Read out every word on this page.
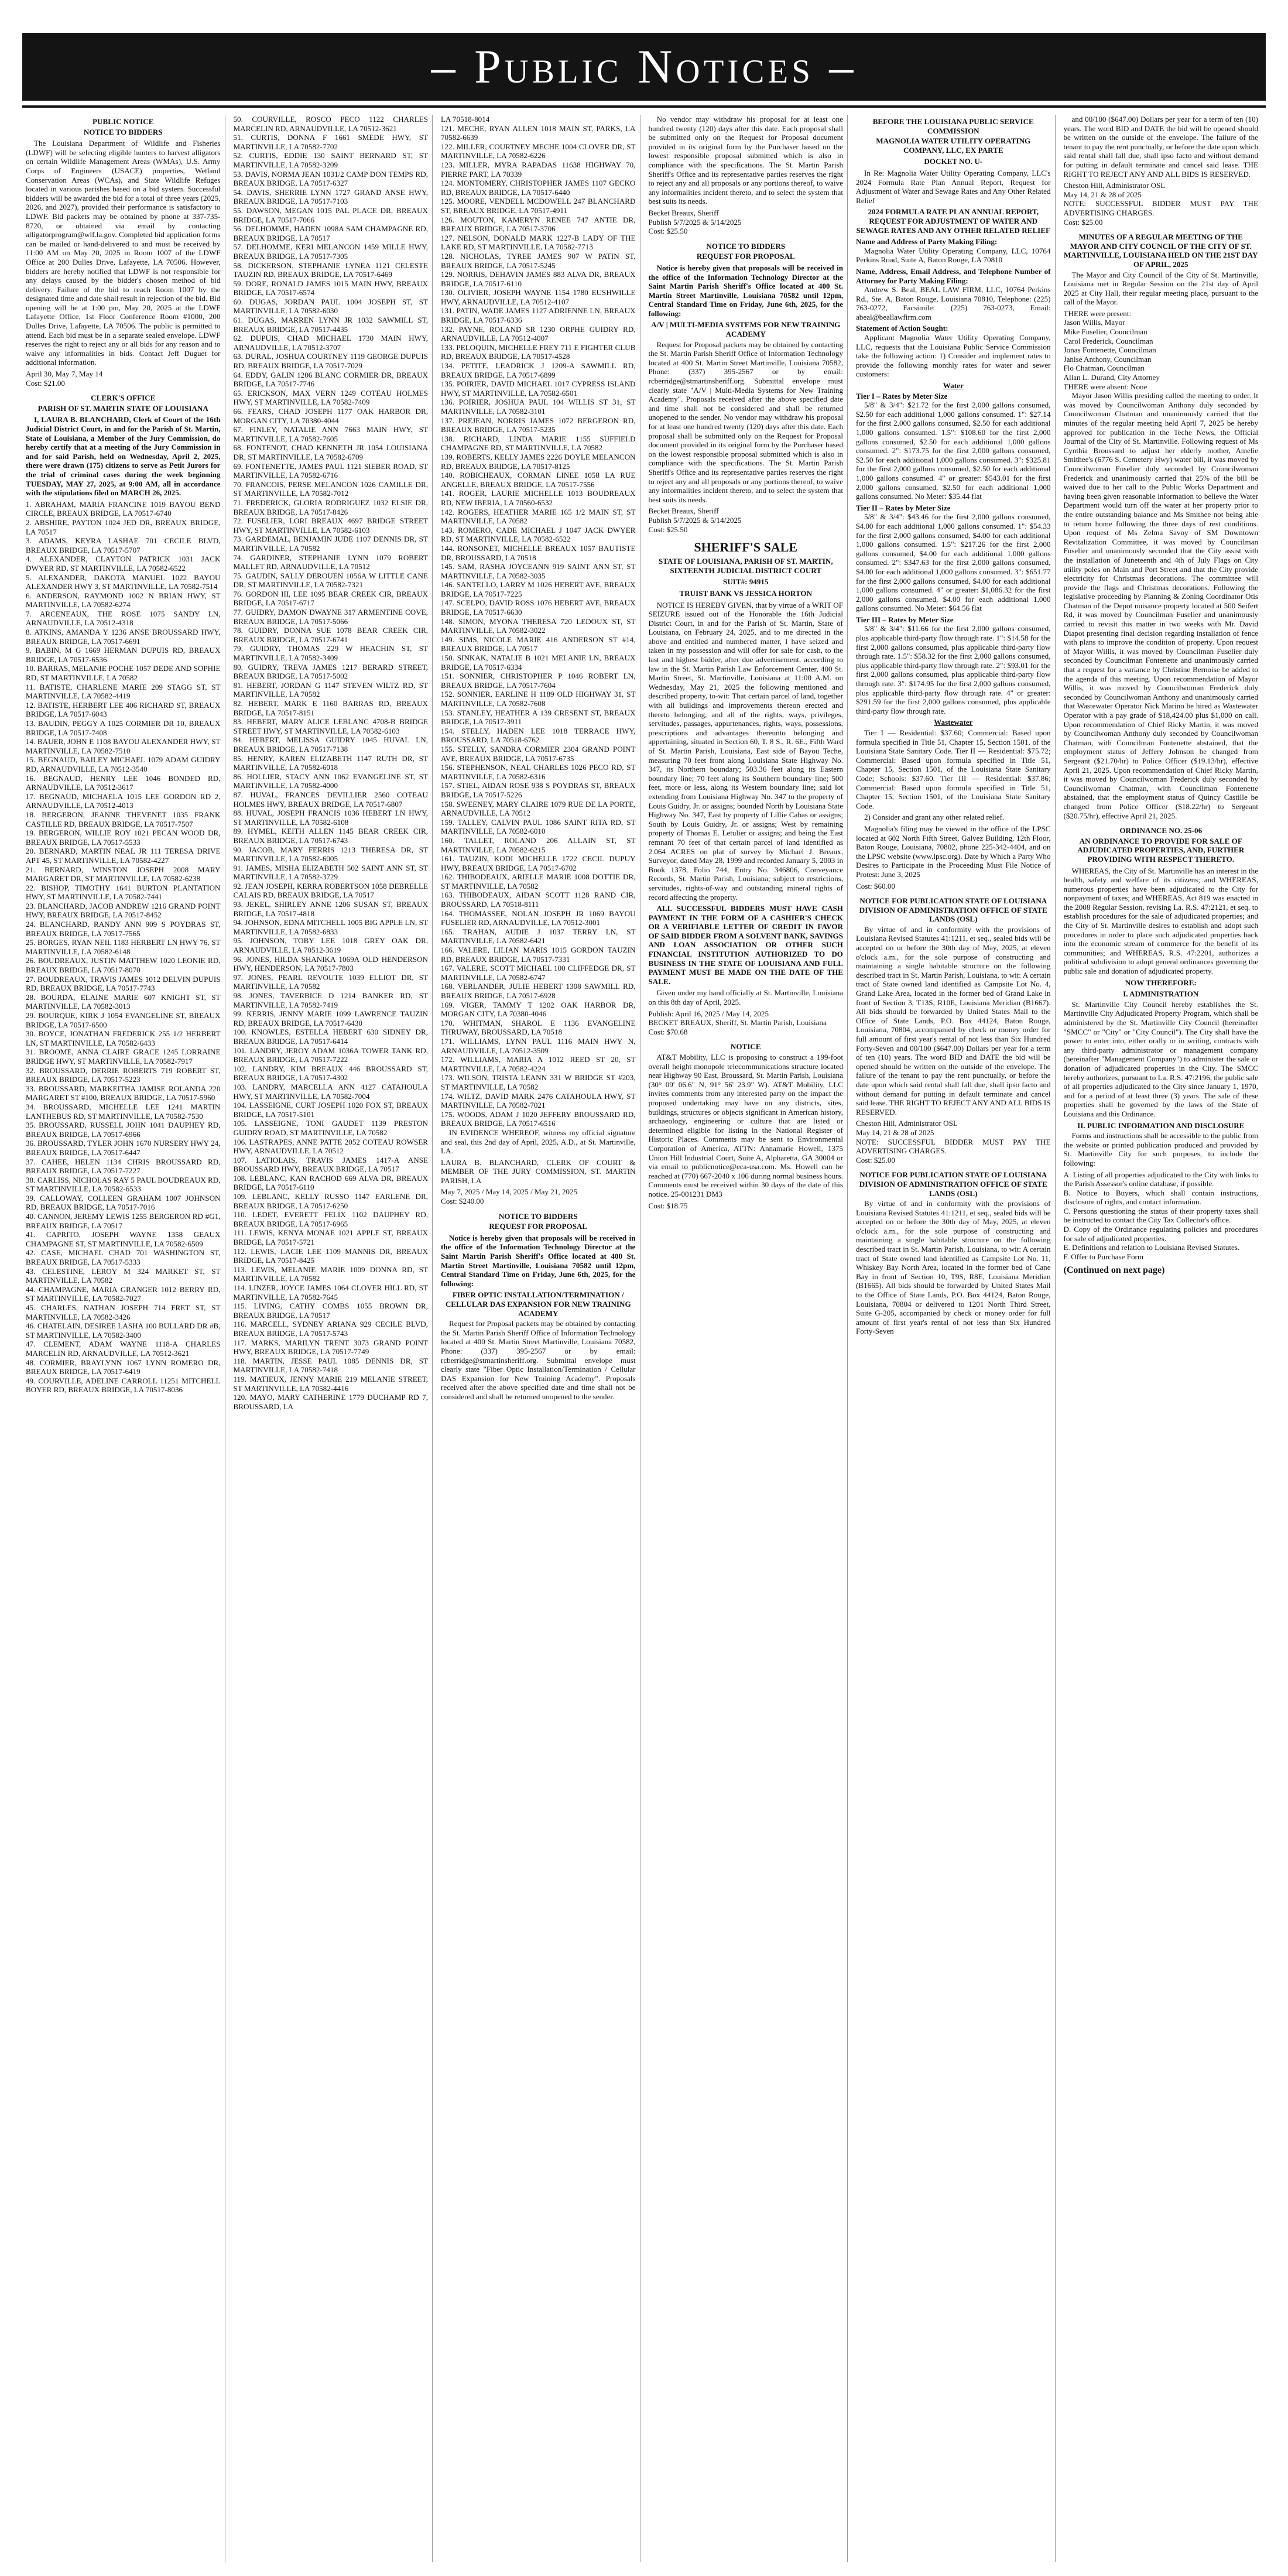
– Public Notices –
PUBLIC NOTICE
NOTICE TO BIDDERS

The Louisiana Department of Wildlife and Fisheries (LDWF) will be selecting eligible hunters to harvest alligators on certain Wildlife Management Areas (WMAs), U.S. Army Corps of Engineers (USACE) properties, Wetland Conservation Areas (WCAs), and State Wildlife Refuges located in various parishes based on a bid system. Successful bidders will be awarded the bid for a total of three years (2025, 2026, and 2027), provided their performance is satisfactory to LDWF. Bid packets may be obtained by phone at 337-735-8720, or obtained via email by contacting alligatorprogram@wlf.la.gov. Completed bid application forms can be mailed or hand-delivered to and must be received by 11:00 AM on May 20, 2025 in Room 1007 of the LDWF Office at 200 Dulles Drive, Lafayette, LA 70506. However, bidders are hereby notified that LDWF is not responsible for any delays caused by the bidder's chosen method of bid delivery. Failure of the bid to reach Room 1007 by the designated time and date shall result in rejection of the bid. Bid opening will be at 1:00 pm, May 20, 2025 at the LDWF Lafayette Office, 1st Floor Conference Room #1000, 200 Dulles Drive, Lafayette, LA 70506. The public is permitted to attend. Each bid must be in a separate sealed envelope. LDWF reserves the right to reject any or all bids for any reason and to waive any informalities in bids. Contact Jeff Duguet for additional information.

April 30, May 7, May 14
Cost: $21.00
CLERK'S OFFICE
PARISH OF ST. MARTIN STATE OF LOUISIANA

I, LAURA B. BLANCHARD, Clerk of Court of the 16th Judicial District Court, in and for the Parish of St. Martin, State of Louisiana, a Member of the Jury Commission, do hereby certify that at a meeting of the Jury Commission in and for said Parish, held on Wednesday, April 2, 2025, there were drawn (175) citizens to serve as Petit Jurors for the trial of criminal cases during the week beginning TUESDAY, MAY 27, 2025, at 9:00 AM, all in accordance with the stipulations filed on MARCH 26, 2025.

1. ABRAHAM, MARIA FRANCINE 1019 BAYOU BEND CIRCLE, BREAUX BRIDGE, LA 70517-6740
2. ABSHIRE, PAYTON 1024 JED DR, BREAUX BRIDGE, LA 70517
3. ADAMS, KEYRA LASHAE 701 CECILE BLVD, BREAUX BRIDGE, LA 70517-5707
4. ALEXANDER, CLAYTON PATRICK 1031 JACK DWYER RD, ST MARTINVILLE, LA 70582-6522
5. ALEXANDER, DAKOTA MANUEL 1022 BAYOU ALEXANDER HWY 3, ST MARTINVILLE, LA 70582-7514
6. ANDERSON, RAYMOND 1002 N BRIAN HWY, ST MARTINVILLE, LA 70582-6274
7. ARCENEAUX, THE ROSE 1075 SANDY LN, ARNAUDVILLE, LA 70512-4318
8. ATKINS, AMANDA Y 1236 ANSE BROUSSARD HWY, BREAUX BRIDGE, LA 70517-6691
9. BABIN, M G 1669 HERMAN DUPUIS RD, BREAUX BRIDGE, LA 70517-6536
10. BARRAS, MELANIE POCHE 1057 DEDE AND SOPHIE RD, ST MARTINVILLE, LA 70582
11. BATISTE, CHARLENE MARIE 209 STAGG ST, ST MARTINVILLE, LA 70582-4419
12. BATISTE, HERBERT LEE 406 RICHARD ST, BREAUX BRIDGE, LA 70517-6043
13. BAUDIN, PEGGY A 1025 CORMIER DR 10, BREAUX BRIDGE, LA 70517-7408
14. BAUER, JOHN E 1108 BAYOU ALEXANDER HWY, ST MARTINVILLE, LA 70582-7510
15. BEGNAUD, BAILEY MICHAEL 1079 ADAM GUIDRY RD, ARNAUDVILLE, LA 70512-3540
16. BEGNAUD, HENRY LEE 1046 BONDED RD, ARNAUDVILLE, LA 70512-3617
17. BEGNAUD, MICHAELA 1015 LEE GORDON RD 2, ARNAUDVILLE, LA 70512-4013
18. BERGERON, JEANNE THEVENET 1035 FRANK CASTILLE RD, BREAUX BRIDGE, LA 70517-7507
19. BERGERON, WILLIE ROY 1021 PECAN WOOD DR, BREAUX BRIDGE, LA 70517-5533
20. BERNARD, MARTIN NEAL JR 111 TERESA DRIVE APT 45, ST MARTINVILLE, LA 70582-4227
21. BERNARD, WINSTON JOSEPH 2008 MARY MARGARET DR, ST MARTINVILLE, LA 70582-6238
22. BISHOP, TIMOTHY 1641 BURTON PLANTATION HWY, ST MARTINVILLE, LA 70582-7441
23. BLANCHARD, JACOB ANDREW 1216 GRAND POINT HWY, BREAUX BRIDGE, LA 70517-8452
24. BLANCHARD, RANDY ANN 909 S POYDRAS ST, BREAUX BRIDGE, LA 70517-7565
25. BORGES, RYAN NEIL 1183 HERBERT LN HWY 76, ST MARTINVILLE, LA 70582-6148
26. BOUDREAUX, JUSTIN MATTHEW 1020 LEONIE RD, BREAUX BRIDGE, LA 70517-8070
27. BOUDREAUX, TRAVIS JAMES 1012 DELVIN DUPUIS RD, BREAUX BRIDGE, LA 70517-7743
28. BOURDA, ELAINE MARIE 607 KNIGHT ST, ST MARTINVILLE, LA 70582-3013
29. BOURQUE, KIRK J 1054 EVANGELINE ST, BREAUX BRIDGE, LA 70517-6500
30. BOYCE, JONATHAN FREDERICK 255 1/2 HERBERT LN, ST MARTINVILLE, LA 70582-6433
31. BROOME, ANNA CLAIRE GRACE 1245 LORRAINE BRIDGE HWY, ST MARTINVILLE, LA 70582-7917
32. BROUSSARD, DERRIE ROBERTS 719 ROBERT ST, BREAUX BRIDGE, LA 70517-5223
33. BROUSSARD, MARKEITHA JAMISE ROLANDA 220 MARGARET ST #100, BREAUX BRIDGE, LA 70517-5960
34. BROUSSARD, MICHELLE LEE 1241 MARTIN LANTHEBUS RD, ST MARTINVILLE, LA 70582-7530
35. BROUSSARD, RUSSELL JOHN 1041 DAUPHEY RD, BREAUX BRIDGE, LA 70517-6966
36. BROUSSARD, TYLER JOHN 1670 NURSERY HWY 24, BREAUX BRIDGE, LA 70517-6447
37. CAHEE, HELEN 1134 CHRIS BROUSSARD RD, BREAUX BRIDGE, LA 70517-7227
38. CARLISS, NICHOLAS RAY 5 PAUL BOUDREAUX RD, ST MARTINVILLE, LA 70582-6533
39. CALLOWAY, COLLEEN GRAHAM 1007 JOHNSON RD, BREAUX BRIDGE, LA 70517-7016
40. CANNON, JEREMY LEWIS 1255 BERGERON RD #G1, BREAUX BRIDGE, LA 70517
41. CAPRITO, JOSEPH WAYNE 1358 GEAUX CHAMPAGNE ST, ST MARTINVILLE, LA 70582-6509
42. CASE, MICHAEL CHAD 701 WASHINGTON ST, BREAUX BRIDGE, LA 70517-5333
43. CELESTINE, LEROY M 324 MARKET ST, ST MARTINVILLE, LA 70582
44. CHAMPAGNE, MARIA GRANGER 1012 BERRY RD, ST MARTINVILLE, LA 70582-7027
45. CHARLES, NATHAN JOSEPH 714 FRET ST, ST MARTINVILLE, LA 70582-3426
46. CHATELAIN, DESIREE LASHA 100 BULLARD DR #B, ST MARTINVILLE, LA 70582-3400
47. CLEMENT, ADAM WAYNE 1118-A CHARLES MARCELIN RD, ARNAUDVILLE, LA 70512-3621
48. CORMIER, BRAYLYNN 1067 LYNN ROMERO DR, BREAUX BRIDGE, LA 70517-6419
49. COURVILLE, ADELINE CARROLL 11251 MITCHELL BOYER RD, BREAUX BRIDGE, LA 70517-8036
50. COURVILLE, ROSCO PECO 1122 CHARLES MARCELIN RD, ARNAUDVILLE, LA 70512-3621
51. CURTIS, DONNA F 1661 SMEDE HWY, ST MARTINVILLE, LA 70582-7702
52. CURTIS, EDDIE 130 SAINT BERNARD ST, ST MARTINVILLE, LA 70582-3209
53. DAVIS, NORMA JEAN 1031/2 CAMP DON TEMPS RD, BREAUX BRIDGE, LA 70517-6327
54. DAVIS, SHERRIE LYNN 1727 GRAND ANSE HWY, BREAUX BRIDGE, LA 70517-7103
55. DAWSON, MEGAN 1015 PAL PLACE DR, BREAUX BRIDGE, LA 70517-7066
56. DELHOMME, HADEN 1098A SAM CHAMPAGNE RD, BREAUX BRIDGE, LA 70517
57. DELHOMME, KERI MELANCON 1459 MILLE HWY, BREAUX BRIDGE, LA 70517-7305
58. DICKERSON, STEPHANIE LYNEA 1121 CELESTE TAUZIN RD, BREAUX BRIDGE, LA 70517-6469
59. DORE, RONALD JAMES 1015 MAIN HWY, BREAUX BRIDGE, LA 70517-6574
60. DUGAS, JORDAN PAUL 1004 JOSEPH ST, ST MARTINVILLE, LA 70582-6030
61. DUGAS, MARREN LYNN JR 1032 SAWMILL ST, BREAUX BRIDGE, LA 70517-4435
62. DUPUIS, CHAD MICHAEL 1730 MAIN HWY, ARNAUDVILLE, LA 70512-3707
63. DURAL, JOSHUA COURTNEY 1119 GEORGE DUPUIS RD, BREAUX BRIDGE, LA 70517-7029
64. EDDY, GALIN 1206 BLANC CORMIER DR, BREAUX BRIDGE, LA 70517-7746
65. ERICKSON, MAX VERN 1249 COTEAU HOLMES HWY, ST MARTINVILLE, LA 70582-7409
66. FEARS, CHAD JOSEPH 1177 OAK HARBOR DR, MORGAN CITY, LA 70380-4044
67. FINLEY, NATALIE ANN 7663 MAIN HWY, ST MARTINVILLE, LA 70582-7605
68. FONTENOT, CHAD KENNETH JR 1054 LOUISIANA DR, ST MARTINVILLE, LA 70582-6709
69. FONTENETTE, JAMES PAUL 1121 SIEBER ROAD, ST MARTINVILLE, LA 70582-6716
70. FRANCOIS, PERSE MELANCON 1026 CAMILLE DR, ST MARTINVILLE, LA 70582-7012
71. FREDERICK, GLORIA RODRIGUEZ 1032 ELSIE DR, BREAUX BRIDGE, LA 70517-8426
72. FUSELIER, LORI BREAUX 4697 BRIDGE STREET HWY, ST MARTINVILLE, LA 70582-6103
73. GARDEMAL, BENJAMIN JUDE 1107 DENNIS DR, ST MARTINVILLE, LA 70582
74. GARDINER, STEPHANIE LYNN 1079 ROBERT MALLET RD, ARNAUDVILLE, LA 70512
75. GAUDIN, SALLY DEROUEN 1056A W LITTLE CANE DR, ST MARTINVILLE, LA 70582-7321
76. GORDON III, LEE 1095 BEAR CREEK CIR, BREAUX BRIDGE, LA 70517-6717
77. GUIDRY, DAMON DWAYNE 317 ARMENTINE COVE, BREAUX BRIDGE, LA 70517-5066
78. GUIDRY, DONNA SUE 1078 BEAR CREEK CIR, BREAUX BRIDGE, LA 70517-6741
79. GUIDRY, THOMAS 229 W HEACHIN ST, ST MARTINVILLE, LA 70582-3409
80. GUIDRY, TREVA JAMES 1217 BERARD STREET, BREAUX BRIDGE, LA 70517-5002
81. HEBERT, JORDAN G 1147 STEVEN WILTZ RD, ST MARTINVILLE, LA 70582
82. HEBERT, MARK E 1160 BARRAS RD, BREAUX BRIDGE, LA 70517-8151
83. HEBERT, MARY ALICE LEBLANC 4708-B BRIDGE STREET HWY, ST MARTINVILLE, LA 70582-6103
84. HEBERT, MELISSA GUIDRY 1045 HUVAL LN, BREAUX BRIDGE, LA 70517-7138
85. HENRY, KAREN ELIZABETH 1147 RUTH DR, ST MARTINVILLE, LA 70582-6018
86. HOLLIER, STACY ANN 1062 EVANGELINE ST, ST MARTINVILLE, LA 70582-4000
87. HUVAL, FRANCES DEVILLIER 2560 COTEAU HOLMES HWY, BREAUX BRIDGE, LA 70517-6807
88. HUVAL, JOSEPH FRANCIS 1036 HEBERT LN HWY, ST MARTINVILLE, LA 70582-6108
89. HYMEL, KEITH ALLEN 1145 BEAR CREEK CIR, BREAUX BRIDGE, LA 70517-6743
90. JACOB, MARY FERRIS 1213 THERESA DR, ST MARTINVILLE, LA 70582-6005
91. JAMES, MISHA ELIZABETH 502 SAINT ANN ST, ST MARTINVILLE, LA 70582-3729
92. JEAN JOSEPH, KERRA ROBERTSON 1058 DEBRELLE CALAIS RD, BREAUX BRIDGE, LA 70517
93. JEKEL, SHIRLEY ANNE 1206 SUSAN ST, BREAUX BRIDGE, LA 70517-4818
94. JOHNSON, EDNA MITCHELL 1005 BIG APPLE LN, ST MARTINVILLE, LA 70582-6833
95. JOHNSON, TOBY LEE 1018 GREY OAK DR, ARNAUDVILLE, LA 70512-3619
96. JONES, HILDA SHANIKA 1069A OLD HENDERSON HWY, HENDERSON, LA 70517-7803
97. JONES, PEARL REVOUTE 1039 ELLIOT DR, ST MARTINVILLE, LA 70582
98. JONES, TAVERBICE D 1214 BANKER RD, ST MARTINVILLE, LA 70582-7419
99. KERRIS, JENNY MARIE 1099 LAWRENCE TAUZIN RD, BREAUX BRIDGE, LA 70517-6430
100. KNOWLES, ESTELLA HEBERT 630 SIDNEY DR, BREAUX BRIDGE, LA 70517-6414
101. LANDRY, JEROY ADAM 1036A TOWER TANK RD, BREAUX BRIDGE, LA 70517-7222
102. LANDRY, KIM BREAUX 446 BROUSSARD ST, BREAUX BRIDGE, LA 70517-4302
103. LANDRY, MARCELLA ANN 4127 CATAHOULA HWY, ST MARTINVILLE, LA 70582-7004
104. LASSEIGNE, CURT JOSEPH 1020 FOX ST, BREAUX BRIDGE, LA 70517-5101
105. LASSEIGNE, TONI GAUDET 1139 PRESTON GUIDRY ROAD, ST MARTINVILLE, LA 70582
106. LASTRAPES, ANNE PATTE 2052 COTEAU ROWSER HWY, ARNAUDVILLE, LA 70512
107. LATIOLAIS, TRAVIS JAMES 1417-A ANSE BROUSSARD HWY, BREAUX BRIDGE, LA 70517
108. LEBLANC, KAN RACHOD 669 ALVA DR, BREAUX BRIDGE, LA 70517-6110
109. LEBLANC, KELLY RUSSO 1147 EARLENE DR, BREAUX BRIDGE, LA 70517-6250
110. LEDET, EVERETT FELIX 1102 DAUPHEY RD, BREAUX BRIDGE, LA 70517-6965
111. LEWIS, KENYA MONAE 1021 APPLE ST, BREAUX BRIDGE, LA 70517-5721
112. LEWIS, LACIE LEE 1109 MANNIS DR, BREAUX BRIDGE, LA 70517-8425
113. LEWIS, MELANIE MARIE 1009 DONNA RD, ST MARTINVILLE, LA 70582
114. LINZER, JOYCE JAMES 1064 CLOVER HILL RD, ST MARTINVILLE, LA 70582-7645
115. LIVING, CATHY COMBS 1055 BROWN DR, BREAUX BRIDGE, LA 70517
116. MARCELL, SYDNEY ARIANA 929 CECILE BLVD, BREAUX BRIDGE, LA 70517-5743
117. MARKS, MARILYN TRENT 3073 GRAND POINT HWY, BREAUX BRIDGE, LA 70517-7749
118. MARTIN, JESSE PAUL 1085 DENNIS DR, ST MARTINVILLE, LA 70582-7418
119. MATIEUX, JENNY MARIE 219 MELANIE STREET, ST MARTINVILLE, LA 70582-4416
120. MAYO, MARY CATHERINE 1779 DUCHAMP RD 7, BROUSSARD, LA
LA 70518-8014
121. MECHE, RYAN ALLEN 1018 MAIN ST, PARKS, LA 70582-6639
122. MILLER, COURTNEY MECHE 1004 CLOVER DR, ST MARTINVILLE, LA 70582-6226
123. MILLER, MYRA RAPADAS 11638 HIGHWAY 70, PIERRE PART, LA 70339
124. MONTOMERY, CHRISTOPHER JAMES 1107 GECKO RD, BREAUX BRIDGE, LA 70517-6440
125. MOORE, VENDELL MCDOWELL 247 BLANCHARD ST, BREAUX BRIDGE, LA 70517-4911
126. MOUTON, KAMERYN RENEE 747 ANTIE DR, BREAUX BRIDGE, LA 70517-3706
127. NELSON, DONALD MARK 1227-B LADY OF THE LAKE RD, ST MARTINVILLE, LA 70582-7713
128. NICHOLAS, TYREE JAMES 907 W PATIN ST, BREAUX BRIDGE, LA 70517-5245
129. NORRIS, DEHAVIN JAMES 883 ALVA DR, BREAUX BRIDGE, LA 70517-6110
130. OLIVIER, JOSEPH WAYNE 1154 1780 EUSHWILLE HWY, ARNAUDVILLE, LA 70512-4107
131. PATIN, WADE JAMES 1127 ADRIENNE LN, BREAUX BRIDGE, LA 70517-6336
132. PAYNE, ROLAND SR 1230 ORPHE GUIDRY RD, ARNAUDVILLE, LA 70512-4007
133. PELOQUIN, MICHELLE FREY 711 E FIGHTER CLUB RD, BREAUX BRIDGE, LA 70517-4528
134. PETITE, LEADRICK J 1209-A SAWMILL RD, BREAUX BRIDGE, LA 70517-6899
135. POIRIER, DAVID MICHAEL 1017 CYPRESS ISLAND HWY, ST MARTINVILLE, LA 70582-6501
136. POIRIER, JOSHUA PAUL 104 WILLIS ST 31, ST MARTINVILLE, LA 70582-3101
137. PREJEAN, NORRIS JAMES 1072 BERGERON RD, BREAUX BRIDGE, LA 70517-5235
138. RICHARD, LINDA MARIE 1155 SUFFIELD CHAMPAGNE RD, ST MARTINVILLE, LA 70582
139. ROBERTS, KELLY JAMES 2226 DOYLE MELANCON RD, BREAUX BRIDGE, LA 70517-8125
140. ROBICHEAUX, CORMAN LINEE 1058 LA RUE ANGELLE, BREAUX BRIDGE, LA 70517-7556
141. ROGER, LAURIE MICHELLE 1013 BOUDREAUX RD, NEW IBERIA, LA 70560-6532
142. ROGERS, HEATHER MARIE 165 1/2 MAIN ST, ST MARTINVILLE, LA 70582
143. ROMERO, CADE MICHAEL J 1047 JACK DWYER RD, ST MARTINVILLE, LA 70582-6522
144. RONSONET, MICHELLE BREAUX 1057 BAUTISTE DR, BROUSSARD, LA 70518
145. SAM, RASHA JOYCEANN 919 SAINT ANN ST, ST MARTINVILLE, LA 70582-3035
146. SANTELLO, LARRY M 1026 HEBERT AVE, BREAUX BRIDGE, LA 70517-7225
147. SCELPO, DAVID ROSS 1076 HEBERT AVE, BREAUX BRIDGE, LA 70517-6630
148. SIMON, MYONA THERESA 720 LEDOUX ST, ST MARTINVILLE, LA 70582-3022
149. SIMS, NICOLE MARIE 416 ANDERSON ST #14, BREAUX BRIDGE, LA 70517
150. SINKAK, NATALIE B 1021 MELANIE LN, BREAUX BRIDGE, LA 70517-6334
151. SONNIER, CHRISTOPHER P 1046 ROBERT LN, BREAUX BRIDGE, LA 70517-7604
152. SONNIER, EARLINE H 1189 OLD HIGHWAY 31, ST MARTINVILLE, LA 70582-7608
153. STANLEY, HEATHER A 139 CRESENT ST, BREAUX BRIDGE, LA 70517-3911
154. STELLY, HADEN LEE 1018 TERRACE HWY, BROUSSARD, LA 70518-6762
155. STELLY, SANDRA CORMIER 2304 GRAND POINT AVE, BREAUX BRIDGE, LA 70517-6735
156. STEPHENSON, NEAL CHARLES 1026 PECO RD, ST MARTINVILLE, LA 70582-6316
157. STIEL, AIDAN ROSE 938 S POYDRAS ST, BREAUX BRIDGE, LA 70517-5226
158. SWEENEY, MARY CLAIRE 1079 RUE DE LA PORTE, ARNAUDVILLE, LA 70512
159. TALLEY, CALVIN PAUL 1086 SAINT RITA RD, ST MARTINVILLE, LA 70582-6010
160. TALLET, ROLAND 206 ALLAIN ST, ST MARTINVILLE, LA 70582-6215
161. TAUZIN, KODI MICHELLE 1722 CECIL DUPUY HWY, BREAUX BRIDGE, LA 70517-6702
162. THIBODEAUX, ARIELLE MARIE 1008 DOTTIE DR, ST MARTINVILLE, LA 70582
163. THIBODEAUX, AIDAN SCOTT 1128 RAND CIR, BROUSSARD, LA 70518-8111
164. THOMASSEE, NOLAN JOSEPH JR 1069 BAYOU FUSELIER RD, ARNAUDVILLE, LA 70512-3001
165. TRAHAN, AUDIE J 1037 TERRY LN, ST MARTINVILLE, LA 70582-6421
166. VALERE, LILIAN MARIS 1015 GORDON TAUZIN RD, BREAUX BRIDGE, LA 70517-7331
167. VALERE, SCOTT MICHAEL 100 CLIFFEDGE DR, ST MARTINVILLE, LA 70582-6747
168. VERLANDER, JULIE HEBERT 1308 SAWMILL RD, BREAUX BRIDGE, LA 70517-6928
169. VIGER, TAMMY T 1202 OAK HARBOR DR, MORGAN CITY, LA 70380-4046
170. WHITMAN, SHAROL E 1136 EVANGELINE THRUWAY, BROUSSARD, LA 70518
171. WILLIAMS, LYNN PAUL 1116 MAIN HWY N, ARNAUDVILLE, LA 70512-3509
172. WILLIAMS, MARIA A 1012 REED ST 20, ST MARTINVILLE, LA 70582-4224
173. WILSON, TRISTA LEANN 331 W BRIDGE ST #203, ST MARTINVILLE, LA 70582
174. WILTZ, DAVID MARK 2476 CATAHOULA HWY, ST MARTINVILLE, LA 70582-7021
175. WOODS, ADAM J 1020 JEFFERY BROUSSARD RD, BREAUX BRIDGE, LA 70517-6516

IN EVIDENCE WHEREOF, witness my official signature and seal, this 2nd day of April, 2025, A.D., at St. Martinville, LA.

LAURA B. BLANCHARD, CLERK OF COURT & MEMBER OF THE JURY COMMISSION, ST. MARTIN PARISH, LA
May 7, 2025 / May 14, 2025 / May 21, 2025
Cost: $240.00
NOTICE TO BIDDERS
REQUEST FOR PROPOSAL

Notice is hereby given that proposals will be received in the office of the Information Technology Director at the Saint Martin Parish Sheriff's Office located at 400 St. Martin Street Martinville, Louisiana 70582 until 12pm, Central Standard Time on Friday, June 6th, 2025, for the following:

FIBER OPTIC INSTALLATION/TERMINATION / CELLULAR DAS EXPANSION FOR NEW TRAINING ACADEMY

Request for Proposal packets may be obtained by contacting the St. Martin Parish Sheriff Office of Information Technology located at 400 St. Martin Street Martinville, Louisiana 70582, Phone: (337) 395-2567 or by email: rcberridge@stmartinsheriff.org. Submittal envelope must clearly state "Fiber Optic Installation/Termination / Cellular DAS Expansion for New Training Academy". Proposals received after the above specified date and time shall not be considered and shall be returned unopened to the sender.

No vendor may withdraw his proposal for at least one hundred twenty (120) days after this date. Each proposal shall be submitted only on the Request for Proposal document provided in its original form by the Purchaser based on the lowest responsible proposal submitted which is also in compliance with the specifications. The St. Martin Parish Sheriff's Office and its representative parties reserves the right to reject any and all proposals or any portions thereof, to waive any informalities incident thereto, and to select the system that best suits its needs.

Becket Breaux, Sheriff
Publish 5/7/2025 & 5/14/2025
Cost: $25.50
NOTICE TO BIDDERS
REQUEST FOR PROPOSAL

Notice is hereby given that proposals will be received in the office of the Information Technology Director at the Saint Martin Parish Sheriff's Office located at 400 St. Martin Street Martinville, Louisiana 70582 until 12pm, Central Standard Time on Friday, June 6th, 2025, for the following:

A/V | MULTI-MEDIA SYSTEMS FOR NEW TRAINING ACADEMY

Request for Proposal packets may be obtained by contacting the St. Martin Parish Sheriff Office of Information Technology located at 400 St. Martin Street Martinville, Louisiana 70582, Phone: (337) 395-2567 or by email: rcberridge@stmartinsheriff.org. Submittal envelope must clearly state "A/V | Multi-Media Systems for New Training Academy". Proposals received after the above specified date and time shall not be considered and shall be returned unopened to the sender. No vendor may withdraw his proposal for at least one hundred twenty (120) days after this date. Each proposal shall be submitted only on the Request for Proposal document provided in its original form by the Purchaser based on the lowest responsible proposal submitted which is also in compliance with the specifications. The St. Martin Parish Sheriff's Office and its representative parties reserves the right to reject any and all proposals or any portions thereof, to waive any informalities incident thereto, and to select the system that best suits its needs.

Becket Breaux, Sheriff
Publish 5/7/2025 & 5/14/2025
Cost: $25.50
SHERIFF'S SALE
STATE OF LOUISIANA, PARISH OF ST. MARTIN, SIXTEENTH JUDICIAL DISTRICT COURT
SUIT#: 94915
TRUIST BANK VS JESSICA HORTON

NOTICE IS HEREBY GIVEN, that by virtue of a WRIT OF SEIZURE issued out of the Honorable the 16th Judicial District Court, in and for the Parish of St. Martin, State of Louisiana, on February 24, 2025, and to me directed in the above and entitled and numbered matter, I have seized and taken in my possession and will offer for sale for cash, to the last and highest bidder, after due advertisement, according to law in the St. Martin Parish Law Enforcement Center, 400 St. Martin Street, St. Martinville, Louisiana at 11:00 A.M. on Wednesday, May 21, 2025 the following mentioned and described property, to-wit: That certain parcel of land, together with all buildings and improvements thereon erected and thereto belonging, and all of the rights, ways, privileges, servitudes, passages, appurtenances, rights, ways, possessions, prescriptions and advantages thereunto belonging and appertaining, situated in Section 60, T. 8 S., R. 6E., Fifth Ward of St. Martin Parish, Louisiana, East side of Bayou Teche, measuring 70 feet front along Louisiana State Highway No. 347, its Northern boundary; 503.36 feet along its Eastern boundary line; 70 feet along its Southern boundary line; 500 feet, more or less, along its Western boundary line; said lot extending from Louisiana Highway No. 347 to the property of Louis Guidry, Jr. or assigns; bounded North by Louisiana State Highway No. 347, East by property of Lillie Cabas or assigns; South by Louis Guidry, Jr. or assigns; West by remaining property of Thomas E. Letulier or assigns; and being the East remnant 70 feet of that certain parcel of land identified as 2.064 ACRES on plat of survey by Michael J. Breaux, Surveyor, dated May 28, 1999 and recorded January 5, 2003 in Book 1378, Folio 744, Entry No. 346806, Conveyance Records, St. Martin Parish, Louisiana; subject to restrictions, servitudes, rights-of-way and outstanding mineral rights of record affecting the property.

ALL SUCCESSFUL BIDDERS MUST HAVE CASH PAYMENT IN THE FORM OF A CASHIER'S CHECK OR A VERIFIABLE LETTER OF CREDIT IN FAVOR OF SAID BIDDER FROM A SOLVENT BANK, SAVINGS AND LOAN ASSOCIATION OR OTHER SUCH FINANCIAL INSTITUTION AUTHORIZED TO DO BUSINESS IN THE STATE OF LOUISIANA AND FULL PAYMENT MUST BE MADE ON THE DATE OF THE SALE.

Given under my hand officially at St. Martinville, Louisiana on this 8th day of April, 2025.

Publish: April 16, 2025 / May 14, 2025
BECKET BREAUX, Sheriff, St. Martin Parish, Louisiana
Cost: $70.68
NOTICE

AT&T Mobility, LLC is proposing to construct a 199-foot overall height monopole telecommunications structure located near Highway 90 East, Broussard, St. Martin Parish, Louisiana (30° 09' 06.6" N, 91° 56' 23.9" W). AT&T Mobility, LLC invites comments from any interested party on the impact the proposed undertaking may have on any districts, sites, buildings, structures or objects significant in American history, archaeology, engineering or culture that are listed or determined eligible for listing in the National Register of Historic Places. Comments may be sent to Environmental Corporation of America, ATTN: Annamarie Howell, 1375 Union Hill Industrial Court, Suite A, Alpharetta, GA 30004 or via email to publicnotice@eca-usa.com. Ms. Howell can be reached at (770) 667-2040 x 106 during normal business hours. Comments must be received within 30 days of the date of this notice. 25-001231 DM3

Cost: $18.75
BEFORE THE LOUISIANA PUBLIC SERVICE COMMISSION
MAGNOLIA WATER UTILITY OPERATING COMPANY, LLC, EX PARTE
DOCKET NO. U-

In Re: Magnolia Water Utility Operating Company, LLC's 2024 Formula Rate Plan Annual Report, Request for Adjustment of Water and Sewage Rates and Any Other Related Relief

2024 FORMULA RATE PLAN ANNUAL REPORT, REQUEST FOR ADJUSTMENT OF WATER AND SEWAGE RATES AND ANY OTHER RELATED RELIEF
Name and Address of Party Making Filing:

Magnolia Water Utility Operating Company, LLC, 10764 Perkins Road, Suite A, Baton Rouge, LA 70810

Name, Address, Email Address, and Telephone Number of Attorney for Party Making Filing:

Andrew S. Beal, BEAL LAW FIRM, LLC, 10764 Perkins Rd., Ste. A, Baton Rouge, Louisiana 70810, Telephone: (225) 763-0272, Facsimile: (225) 763-0273, Email: abeal@beallawfirm.com

Statement of Action Sought:

Applicant Magnolia Water Utility Operating Company, LLC, requests that the Louisiana Public Service Commission take the following action: 1) Consider and implement rates to provide the following monthly rates for water and sewer customers:

Water
Tier I – Rates by Meter Size

5/8" & 3/4": $21.72 for the first 2,000 gallons consumed, $2.50 for each additional 1,000 gallons consumed. 1": $27.14 for the first 2,000 gallons consumed, $2.50 for each additional 1,000 gallons consumed. 1.5": $108.60 for the first 2,000 gallons consumed, $2.50 for each additional 1,000 gallons consumed. 2": $173.75 for the first 2,000 gallons consumed, $2.50 for each additional 1,000 gallons consumed. 3": $325.81 for the first 2,000 gallons consumed, $2.50 for each additional 1,000 gallons consumed. 4" or greater: $543.01 for the first 2,000 gallons consumed, $2.50 for each additional 1,000 gallons consumed. No Meter: $35.44 flat

Tier II – Rates by Meter Size

5/8" & 3/4": $43.46 for the first 2,000 gallons consumed, $4.00 for each additional 1,000 gallons consumed. 1": $54.33 for the first 2,000 gallons consumed, $4.00 for each additional 1,000 gallons consumed. 1.5": $217.26 for the first 2,000 gallons consumed, $4.00 for each additional 1,000 gallons consumed. 2": $347.63 for the first 2,000 gallons consumed, $4.00 for each additional 1,000 gallons consumed. 3": $651.77 for the first 2,000 gallons consumed, $4.00 for each additional 1,000 gallons consumed. 4" or greater: $1,086.32 for the first 2,000 gallons consumed, $4.00 for each additional 1,000 gallons consumed. No Meter: $64.56 flat

Tier III – Rates by Meter Size

5/8" & 3/4": $11.66 for the first 2,000 gallons consumed, plus applicable third-party flow through rate. 1": $14.58 for the first 2,000 gallons consumed, plus applicable third-party flow through rate. 1.5": $58.32 for the first 2,000 gallons consumed, plus applicable third-party flow through rate. 2": $93.01 for the first 2,000 gallons consumed, plus applicable third-party flow through rate. 3": $174.95 for the first 2,000 gallons consumed, plus applicable third-party flow through rate. 4" or greater: $291.59 for the first 2,000 gallons consumed, plus applicable third-party flow through rate.

Wastewater

Tier I — Residential: $37.60; Commercial: Based upon formula specified in Title 51, Chapter 15, Section 1501, of the Louisiana State Sanitary Code. Tier II — Residential: $75.72; Commercial: Based upon formula specified in Title 51, Chapter 15, Section 1501, of the Louisiana State Sanitary Code; Schools: $37.60. Tier III — Residential: $37.86; Commercial: Based upon formula specified in Title 51, Chapter 15, Section 1501, of the Louisiana State Sanitary Code.

2) Consider and grant any other related relief.

Magnolia's filing may be viewed in the office of the LPSC located at 602 North Fifth Street, Galvez Building, 12th Floor, Baton Rouge, Louisiana, 70802, phone 225-342-4404, and on the LPSC website (www.lpsc.org). Date by Which a Party Who Desires to Participate in the Proceeding Must File Notice of Protest: June 3, 2025

Cost: $60.00
NOTICE FOR PUBLICATION STATE OF LOUISIANA DIVISION OF ADMINISTRATION OFFICE OF STATE LANDS (OSL)

By virtue of and in conformity with the provisions of Louisiana Revised Statutes 41:1211, et seq., sealed bids will be accepted on or before the 30th day of May, 2025, at eleven o'clock a.m., for the sole purpose of constructing and maintaining a single habitable structure on the following described tract in St. Martin Parish, Louisiana, to wit: A certain tract of State owned land identified as Campsite Lot No. 4, Grand Lake Area, located in the former bed of Grand Lake in front of Section 3, T13S, R10E, Louisiana Meridian (B1667). All bids should be forwarded by United States Mail to the Office of State Lands, P.O. Box 44124, Baton Rouge, Louisiana, 70804, accompanied by check or money order for full amount of first year's rental of not less than Six Hundred Forty-Seven and 00/100 ($647.00) Dollars per year for a term of ten (10) years. The word BID and DATE the bid will be opened should be written on the outside of the envelope. The failure of the tenant to pay the rent punctually, or before the date upon which said rental shall fall due, shall ipso facto and without demand for putting in default terminate and cancel said lease. THE RIGHT TO REJECT ANY AND ALL BIDS IS RESERVED.

Cheston Hill, Administrator OSL
May 14, 21 & 28 of 2025
NOTE: SUCCESSFUL BIDDER MUST PAY THE ADVERTISING CHARGES.
Cost: $25.00
NOTICE FOR PUBLICATION STATE OF LOUISIANA DIVISION OF ADMINISTRATION OFFICE OF STATE LANDS (OSL)

By virtue of and in conformity with the provisions of Louisiana Revised Statutes 41:1211, et seq., sealed bids will be accepted on or before the 30th day of May, 2025, at eleven o'clock a.m., for the sole purpose of constructing and maintaining a single habitable structure on the following described tract in St. Martin Parish, Louisiana, to wit: A certain tract of State owned land identified as Campsite Lot No. 11, Whiskey Bay North Area, located in the former bed of Cane Bay in front of Section 10, T9S, R8E, Louisiana Meridian (B1665). All bids should be forwarded by United States Mail to the Office of State Lands, P.O. Box 44124, Baton Rouge, Louisiana, 70804 or delivered to 1201 North Third Street, Suite G-205, accompanied by check or money order for full amount of first year's rental of not less than Six Hundred Forty-Seven

and 00/100 ($647.00) Dollars per year for a term of ten (10) years. The word BID and DATE the bid will be opened should be written on the outside of the envelope. The failure of the tenant to pay the rent punctually, or before the date upon which said rental shall fall due, shall ipso facto and without demand for putting in default terminate and cancel said lease. THE RIGHT TO REJECT ANY AND ALL BIDS IS RESERVED.

Cheston Hill, Administrator OSL
May 14, 21 & 28 of 2025
NOTE: SUCCESSFUL BIDDER MUST PAY THE ADVERTISING CHARGES.
Cost: $25.00
MINUTES OF A REGULAR MEETING OF THE MAYOR AND CITY COUNCIL OF THE CITY OF ST. MARTINVILLE, LOUISIANA HELD ON THE 21ST DAY OF APRIL, 2025

The Mayor and City Council of the City of St. Martinville, Louisiana met in Regular Session on the 21st day of April 2025 at City Hall, their regular meeting place, pursuant to the call of the Mayor.

THERE were present:
Jason Willis, Mayor
Mike Fuselier, Councilman
Carol Frederick, Councilman
Jonas Fontenette, Councilman
Janise Anthony, Councilman
Flo Chatman, Councilman
Allan L. Durand, City Attorney
THERE were absent: None

Mayor Jason Willis presiding called the meeting to order. It was moved by Councilwoman Anthony duly seconded by Councilwoman Chatman and unanimously carried that the minutes of the regular meeting held April 7, 2025 be hereby approved for publication in the Teche News, the Official Journal of the City of St. Martinville. Following request of Ms Cynthia Broussard to adjust her elderly mother, Amelie Smithee's (6776 S. Cemetery Hwy) water bill, it was moved by Councilwoman Fuselier duly seconded by Councilwoman Frederick and unanimously carried that 25% of the bill be waived due to her call to the Public Works Department and having been given reasonable information to believe the Water Department would turn off the water at her property prior to the entire outstanding balance and Ms Smithee not being able to return home following the three days of rest conditions. Upon request of Ms Zelma Savoy of SM Downtown Revitalization Committee, it was moved by Councilman Fuselier and unanimously seconded that the City assist with the installation of Juneteenth and 4th of July Flags on City utility poles on Main and Port Street and that the City provide electricity for Christmas decorations. The committee will provide the flags and Christmas decorations. Following the legislative proceeding by Planning & Zoning Coordinator Otis Chatman of the Depot nuisance property located at 500 Seifert Rd, it was moved by Councilman Fuselier and unanimously carried to revisit this matter in two weeks with Mr. David Diapot presenting final decision regarding installation of fence with plans to improve the condition of property. Upon request of Mayor Willis, it was moved by Councilman Fuselier duly seconded by Councilman Fontenette and unanimously carried that a request for a variance by Christine Bernoise be added to the agenda of this meeting. Upon recommendation of Mayor Willis, it was moved by Councilwoman Frederick duly seconded by Councilwoman Anthony and unanimously carried that Wastewater Operator Nick Marino be hired as Wastewater Operator with a pay grade of $18,424.00 plus $1,000 on call. Upon recommendation of Chief Ricky Martin, it was moved by Councilwoman Anthony duly seconded by Councilwoman Chatman, with Councilman Fontenette abstained, that the employment status of Jeffery Johnson be changed from Sergeant ($21.70/hr) to Police Officer ($19.13/hr), effective April 21, 2025. Upon recommendation of Chief Ricky Martin, it was moved by Councilwoman Frederick duly seconded by Councilwoman Chatman, with Councilman Fontenette abstained, that the employment status of Quincy Castille be changed from Police Officer ($18.22/hr) to Sergeant ($20.75/hr), effective April 21, 2025.

ORDINANCE NO. 25-06
AN ORDINANCE TO PROVIDE FOR SALE OF ADJUDICATED PROPERTIES, AND, FURTHER PROVIDING WITH RESPECT THERETO.

WHEREAS, the City of St. Martinville has an interest in the health, safety and welfare of its citizens; and WHEREAS, numerous properties have been adjudicated to the City for nonpayment of taxes; and WHEREAS, Act 819 was enacted in the 2008 Regular Session, revising La. R.S. 47:2121, et seq. to establish procedures for the sale of adjudicated properties; and the City of St. Martinville desires to establish and adopt such procedures in order to place such adjudicated properties back into the economic stream of commerce for the benefit of its communities; and WHEREAS, R.S. 47:2201, authorizes a political subdivision to adopt general ordinances governing the public sale and donation of adjudicated property.

NOW THEREFORE:
I. ADMINISTRATION

St. Martinville City Council hereby establishes the St. Martinville City Adjudicated Property Program, which shall be administered by the St. Martinville City Council (hereinafter "SMCC" or "City" or "City Council"). The City shall have the power to enter into, either orally or in writing, contracts with any third-party administrator or management company (hereinafter "Management Company") to administer the sale or donation of adjudicated properties in the City. The SMCC hereby authorizes, pursuant to La. R.S. 47:2196, the public sale of all properties adjudicated to the City since January 1, 1970, and for a period of at least three (3) years. The sale of these properties shall be governed by the laws of the State of Louisiana and this Ordinance.

II. PUBLIC INFORMATION AND DISCLOSURE

Forms and instructions shall be accessible to the public from the website or printed publication produced and provided by St. Martinville City for such purposes, to include the following:

A. Listing of all properties adjudicated to the City with links to the Parish Assessor's online database, if possible.
B. Notice to Buyers, which shall contain instructions, disclosure of rights, and contact information.
C. Persons questioning the status of their property taxes shall be instructed to contact the City Tax Collector's office.
D. Copy of the Ordinance regulating policies and procedures for sale of adjudicated properties.
E. Definitions and relation to Louisiana Revised Statutes.
F. Offer to Purchase Form
(Continued on next page)
